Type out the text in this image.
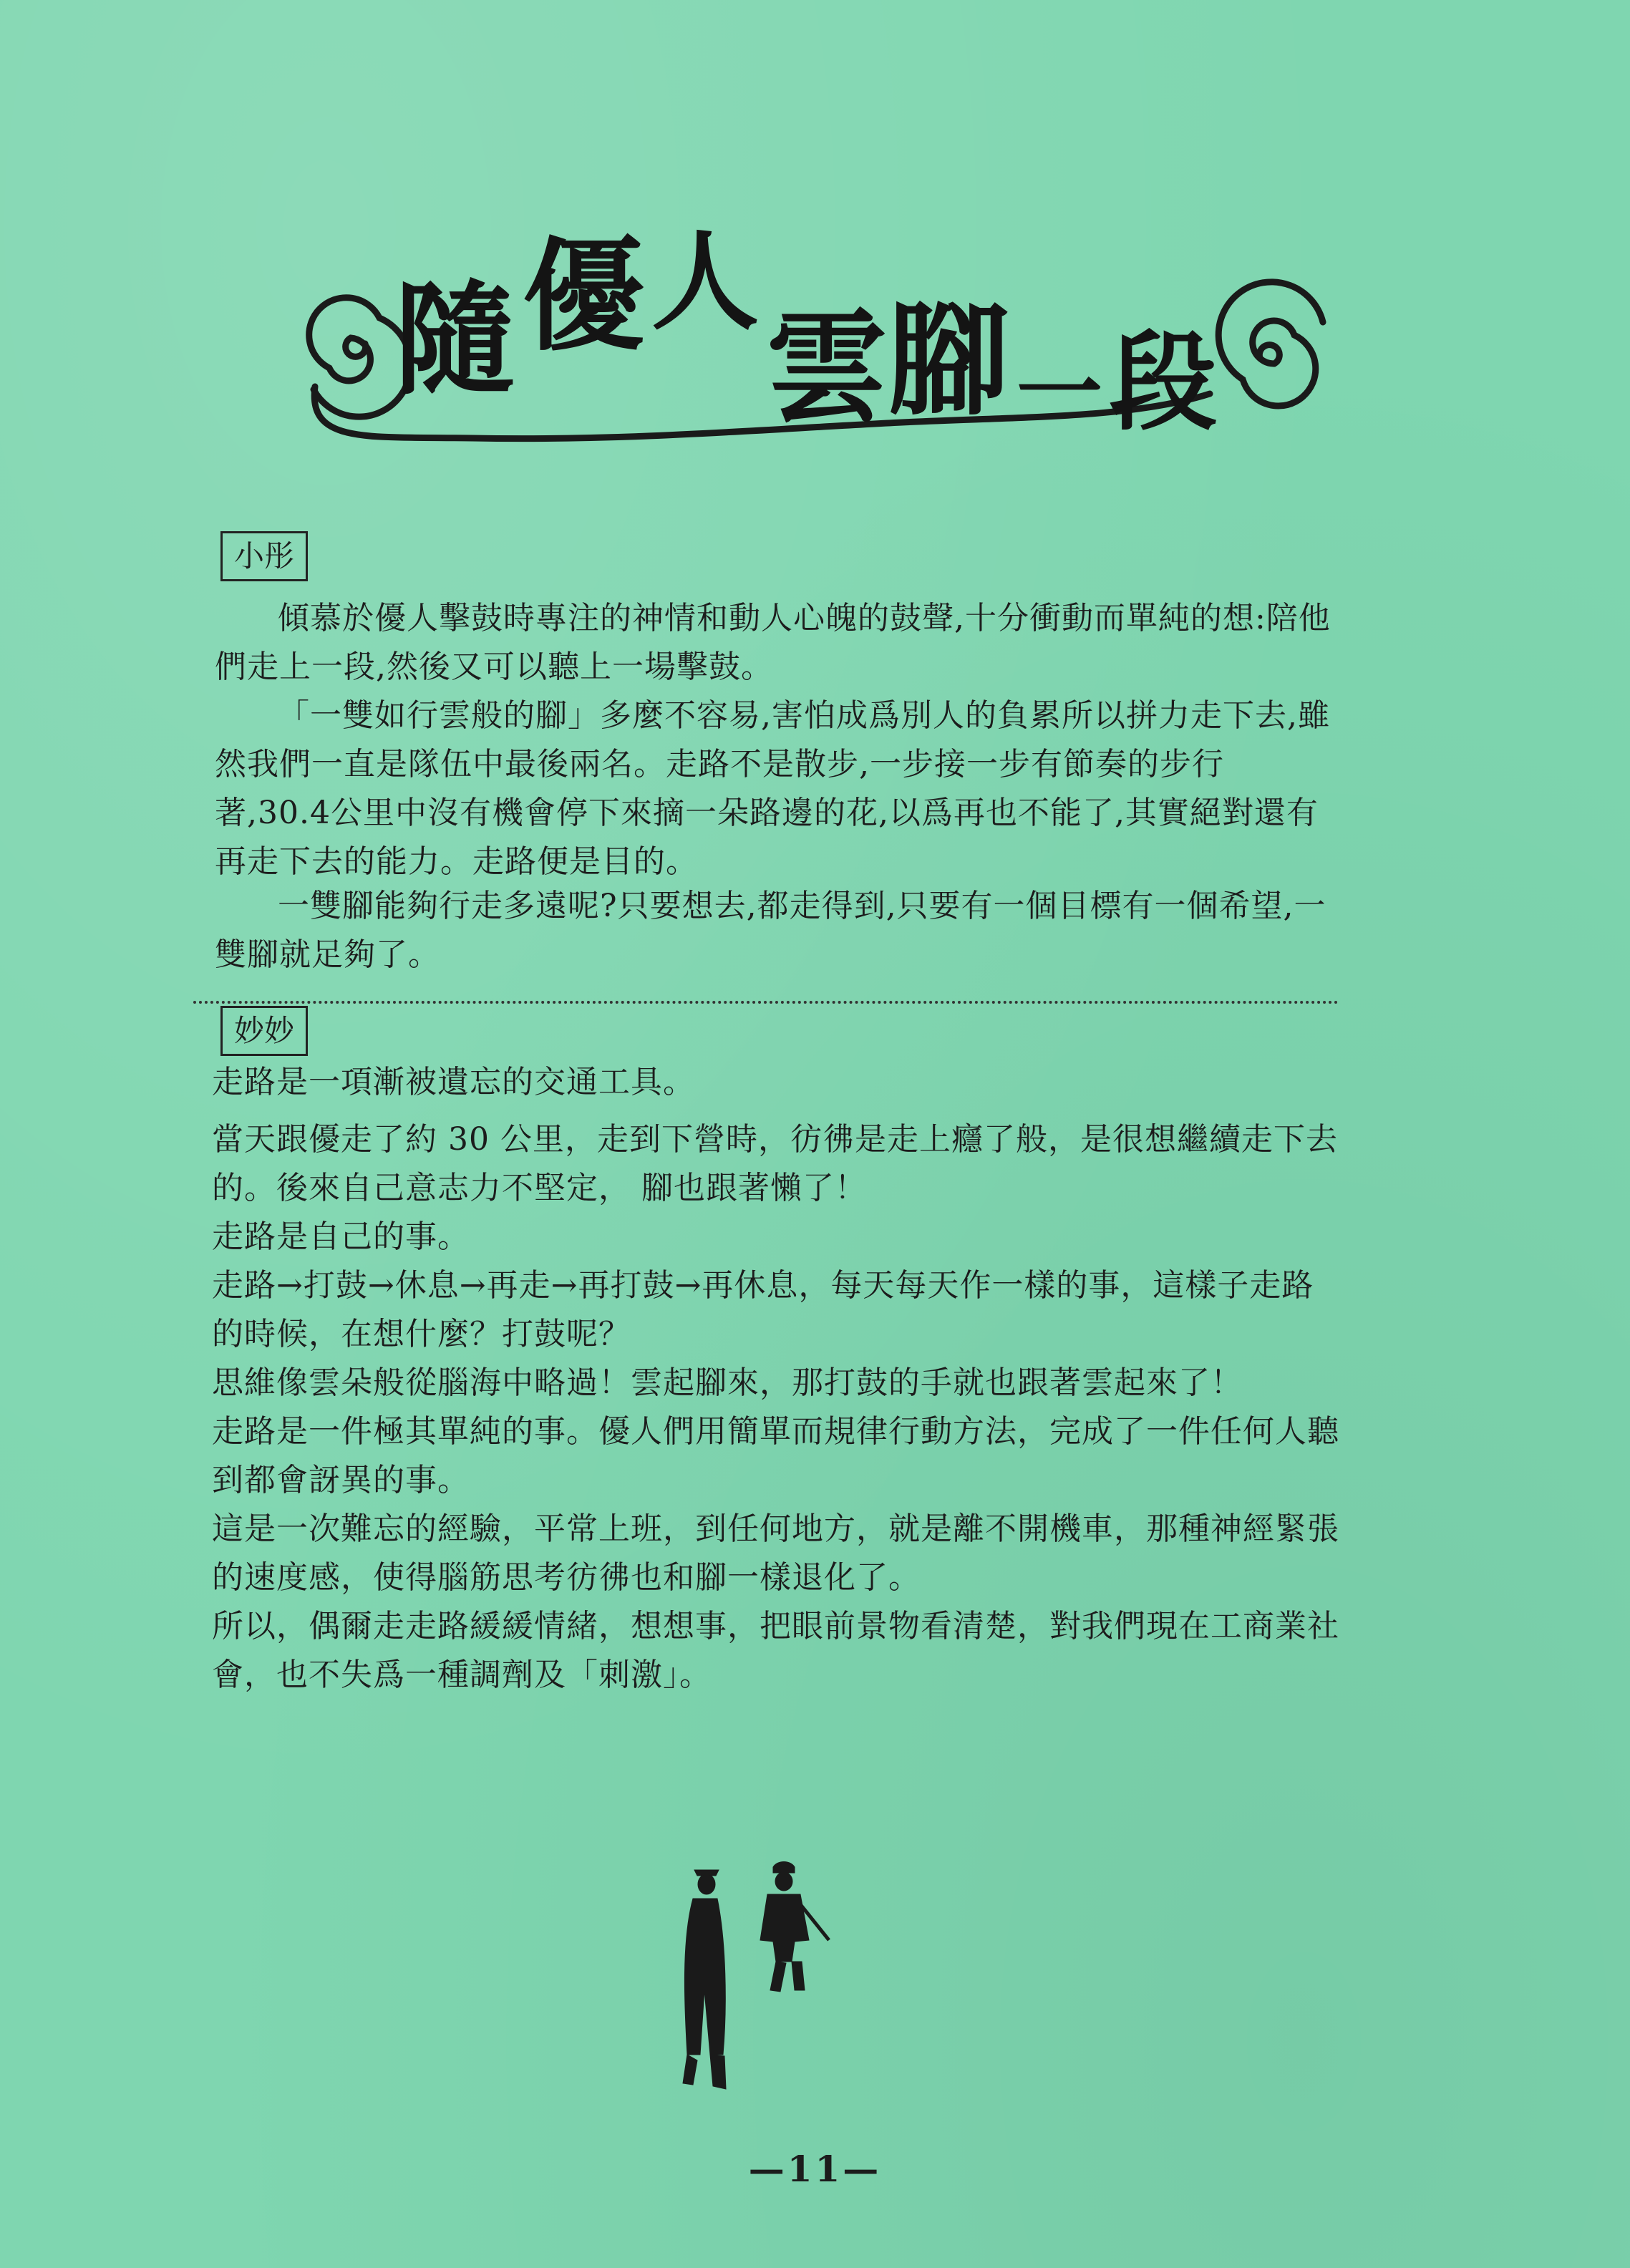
隨 優 人
雲 腳 一 段
小彤

傾慕於優人擊鼓時專注的神情和動人心魄的鼓聲,十分衝動而單純的想:陪他們走上一段,然後又可以聽上一場擊鼓。

「一雙如行雲般的腳」多麼不容易,害怕成爲別人的負累所以拼力走下去,雖然我們一直是隊伍中最後兩名。走路不是散步,一步接一步有節奏的步行著,30.4公里中沒有機會停下來摘一朵路邊的花,以爲再也不能了,其實絕對還有再走下去的能力。走路便是目的。

一雙腳能夠行走多遠呢?只要想去,都走得到,只要有一個目標有一個希望,一雙腳就足夠了。

妙妙

走路是一項漸被遺忘的交通工具。

當天跟優走了約 30 公里，走到下營時，彷彿是走上癮了般，是很想繼續走下去的。後來自己意志力不堅定， 腳也跟著懶了！

走路是自己的事。

走路→打鼓→休息→再走→再打鼓→再休息，每天每天作一樣的事，這樣子走路的時候，在想什麼？打鼓呢？

思維像雲朵般從腦海中略過！雲起腳來，那打鼓的手就也跟著雲起來了！

走路是一件極其單純的事。優人們用簡單而規律行動方法，完成了一件任何人聽到都會訝異的事。

這是一次難忘的經驗，平常上班，到任何地方，就是離不開機車，那種神經緊張的速度感，使得腦筋思考彷彿也和腳一樣退化了。

所以，偶爾走走路緩緩情緒，想想事，把眼前景物看清楚，對我們現在工商業社會，也不失爲一種調劑及「刺激」。

—11—
